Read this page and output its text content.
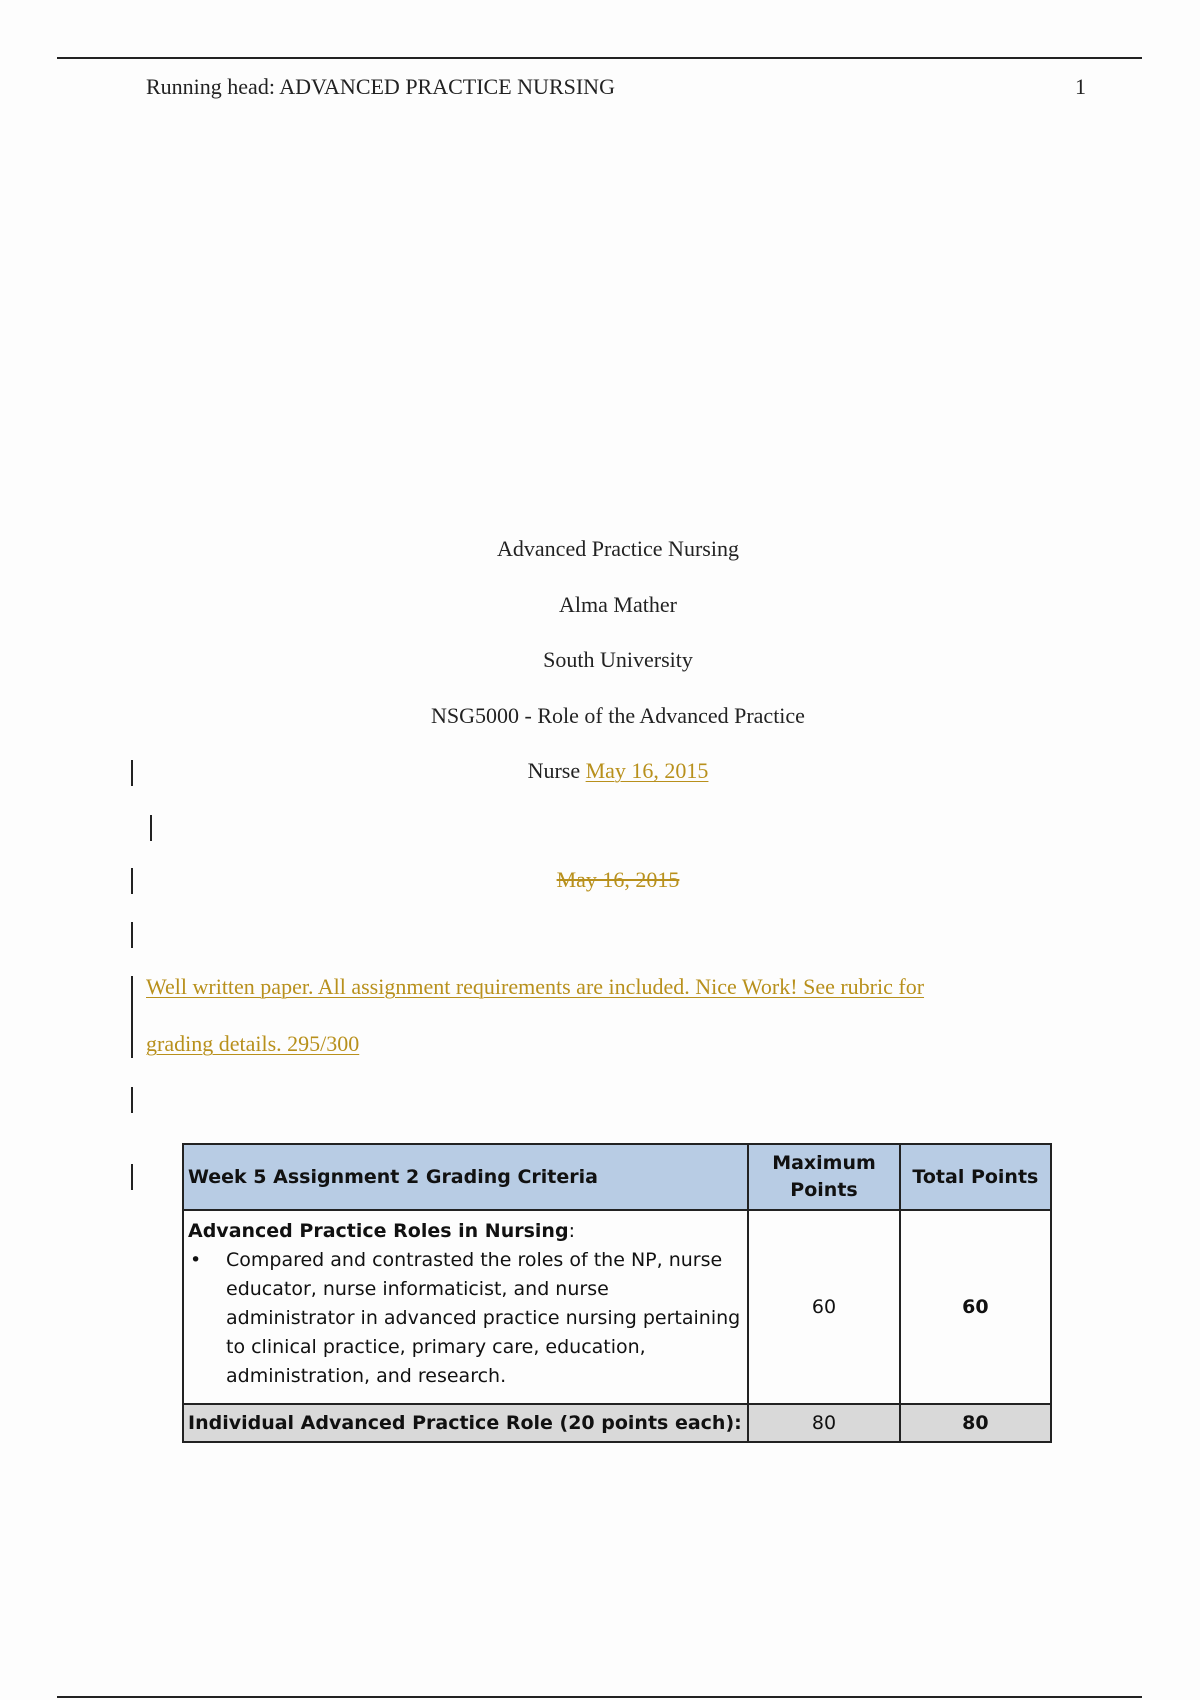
Running head: ADVANCED PRACTICE NURSING	1
Advanced Practice Nursing
Alma Mather
South University
NSG5000 - Role of the Advanced Practice
Nurse May 16, 2015
May 16, 2015
Well written paper. All assignment requirements are included. Nice Work! See rubric for
grading details. 295/300
Week 5 Assignment 2 Grading Criteria	Maximum Points	Total Points

Advanced Practice Roles in Nursing:
• Compared and contrasted the roles of the NP, nurse educator, nurse informaticist, and nurse administrator in advanced practice nursing pertaining to clinical practice, primary care, education, administration, and research.	60	60
Individual Advanced Practice Role (20 points each):	80	80
